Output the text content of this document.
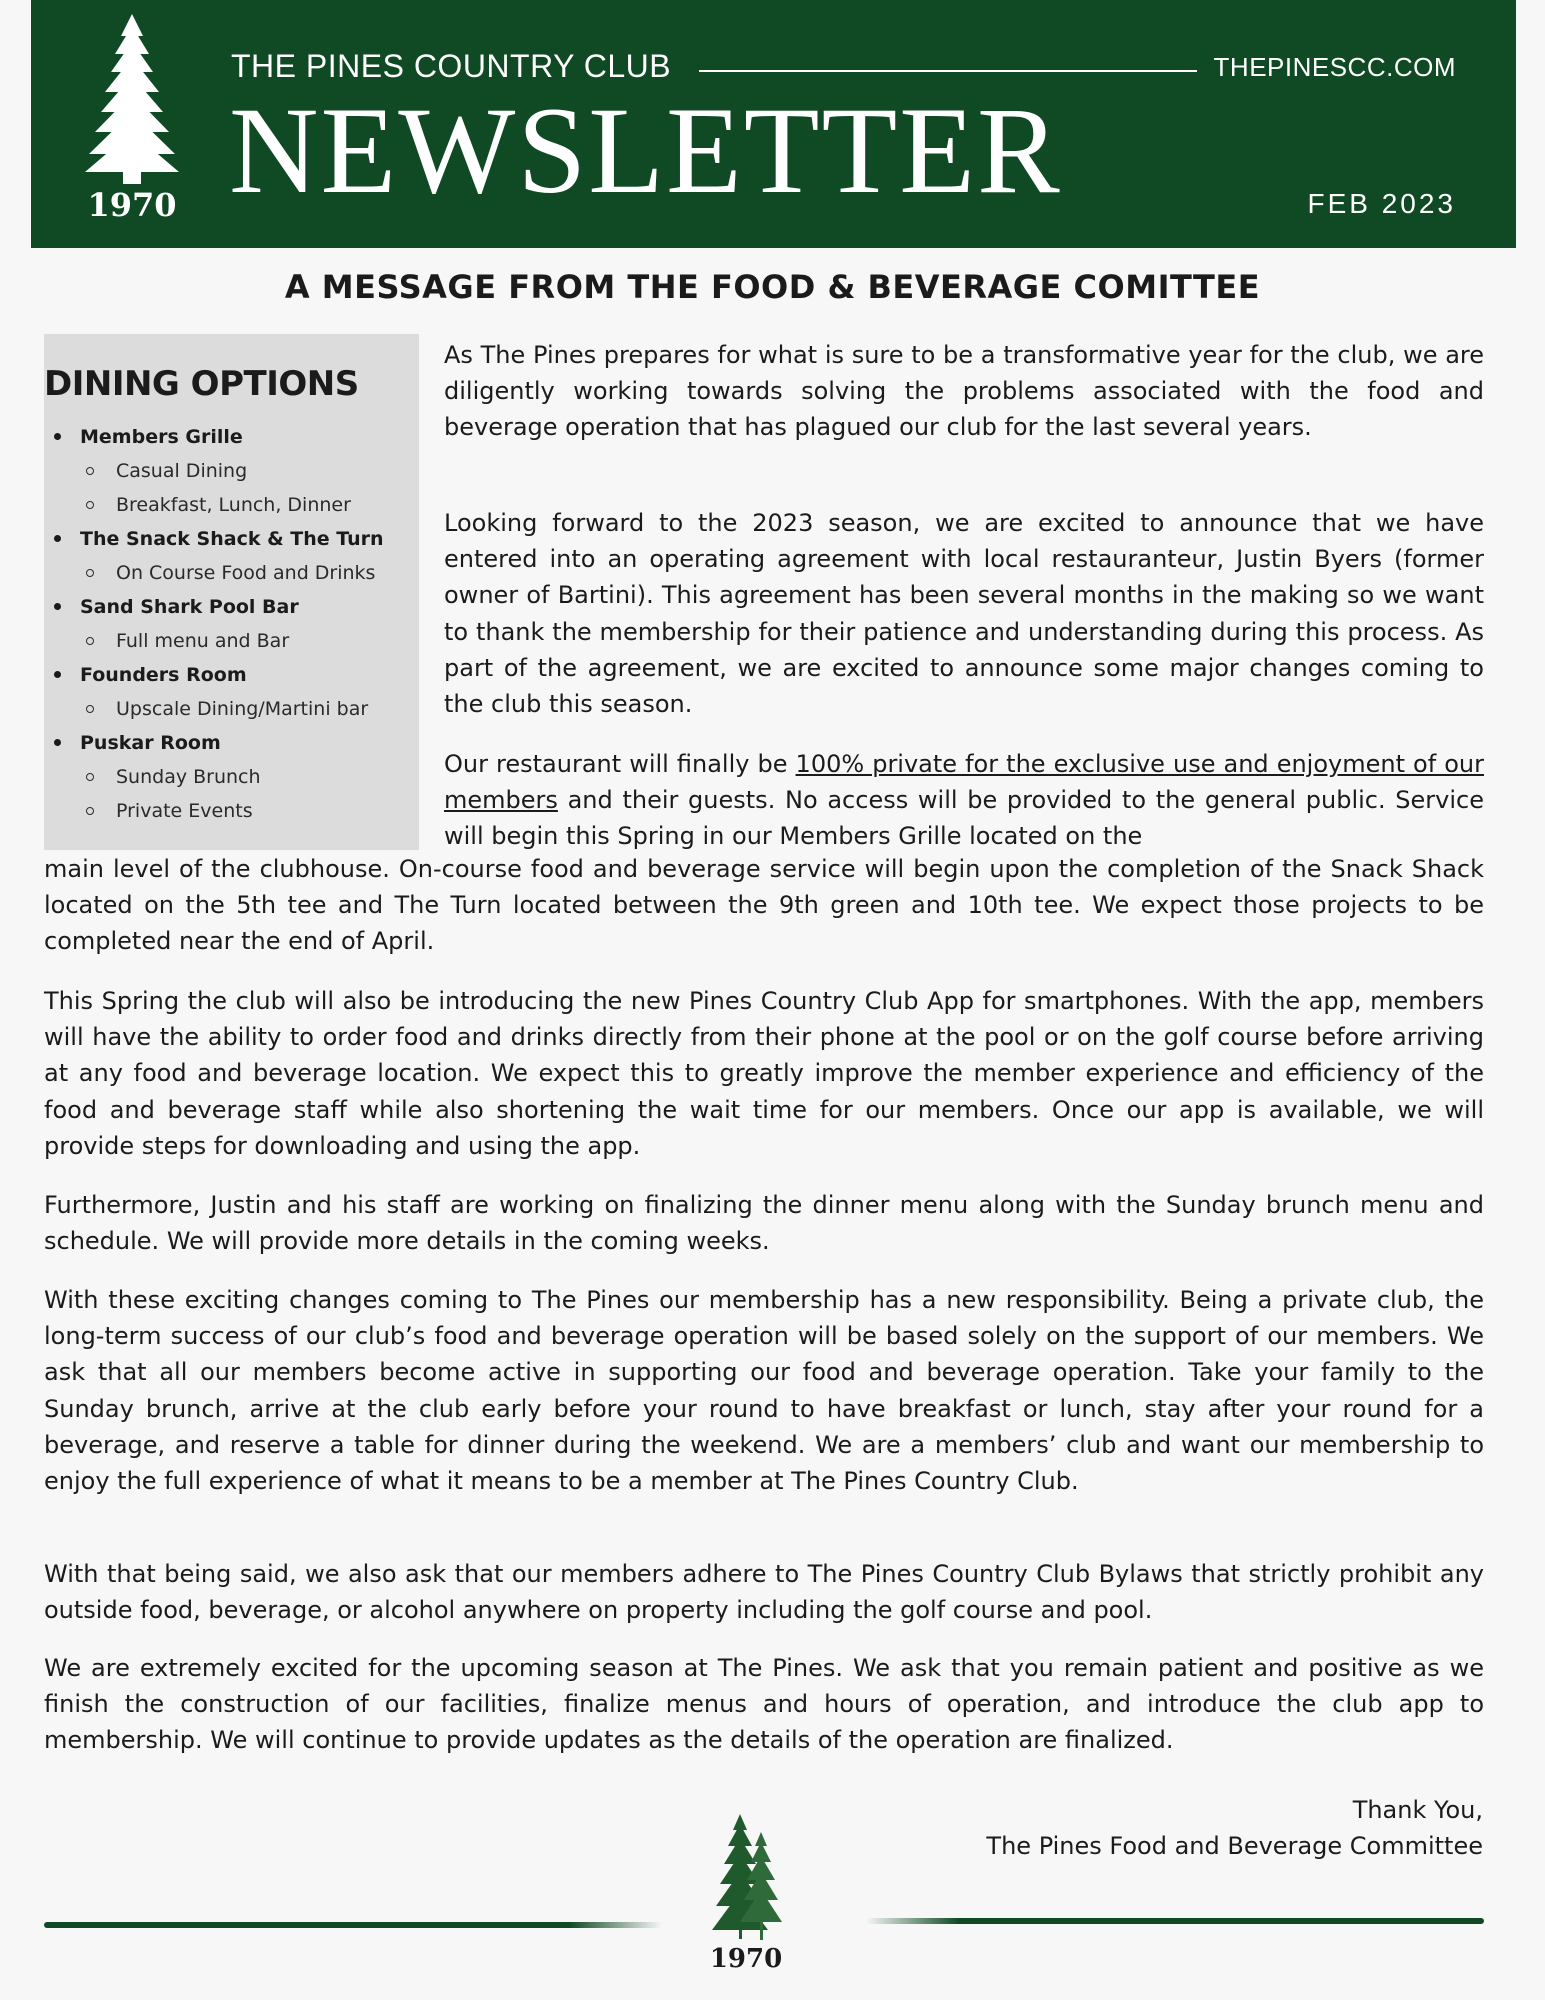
1970
THE PINES COUNTRY CLUB	THEPINESCC.COM
NEWSLETTER	FEB 2023
A MESSAGE FROM THE FOOD & BEVERAGE COMITTEE
DINING OPTIONS
Members Grille
Casual Dining
Breakfast, Lunch, Dinner
The Snack Shack & The Turn
On Course Food and Drinks
Sand Shark Pool Bar
Full menu and Bar
Founders Room
Upscale Dining/Martini bar
Puskar Room
Sunday Brunch
Private Events

As The Pines prepares for what is sure to be a transformative year for the club, we are diligently working towards solving the problems associated with the food and beverage operation that has plagued our club for the last several years.

Looking forward to the 2023 season, we are excited to announce that we have entered into an operating agreement with local restauranteur, Justin Byers (former owner of Bartini). This agreement has been several months in the making so we want to thank the membership for their patience and understanding during this process. As part of the agreement, we are excited to announce some major changes coming to the club this season.

Our restaurant will finally be 100% private for the exclusive use and enjoyment of our members and their guests. No access will be provided to the general public. Service will begin this Spring in our Members Grille located on the

main level of the clubhouse. On-course food and beverage service will begin upon the completion of the Snack Shack located on the 5th tee and The Turn located between the 9th green and 10th tee. We expect those projects to be completed near the end of April.

This Spring the club will also be introducing the new Pines Country Club App for smartphones. With the app, members will have the ability to order food and drinks directly from their phone at the pool or on the golf course before arriving at any food and beverage location. We expect this to greatly improve the member experience and efficiency of the food and beverage staff while also shortening the wait time for our members. Once our app is available, we will provide steps for downloading and using the app.

Furthermore, Justin and his staff are working on finalizing the dinner menu along with the Sunday brunch menu and schedule. We will provide more details in the coming weeks.

With these exciting changes coming to The Pines our membership has a new responsibility. Being a private club, the long-term success of our club’s food and beverage operation will be based solely on the support of our members. We ask that all our members become active in supporting our food and beverage operation. Take your family to the Sunday brunch, arrive at the club early before your round to have breakfast or lunch, stay after your round for a beverage, and reserve a table for dinner during the weekend. We are a members’ club and want our membership to enjoy the full experience of what it means to be a member at The Pines Country Club.

With that being said, we also ask that our members adhere to The Pines Country Club Bylaws that strictly prohibit any outside food, beverage, or alcohol anywhere on property including the golf course and pool.

We are extremely excited for the upcoming season at The Pines. We ask that you remain patient and positive as we finish the construction of our facilities, finalize menus and hours of operation, and introduce the club app to membership. We will continue to provide updates as the details of the operation are finalized.

Thank You,
The Pines Food and Beverage Committee
1970
